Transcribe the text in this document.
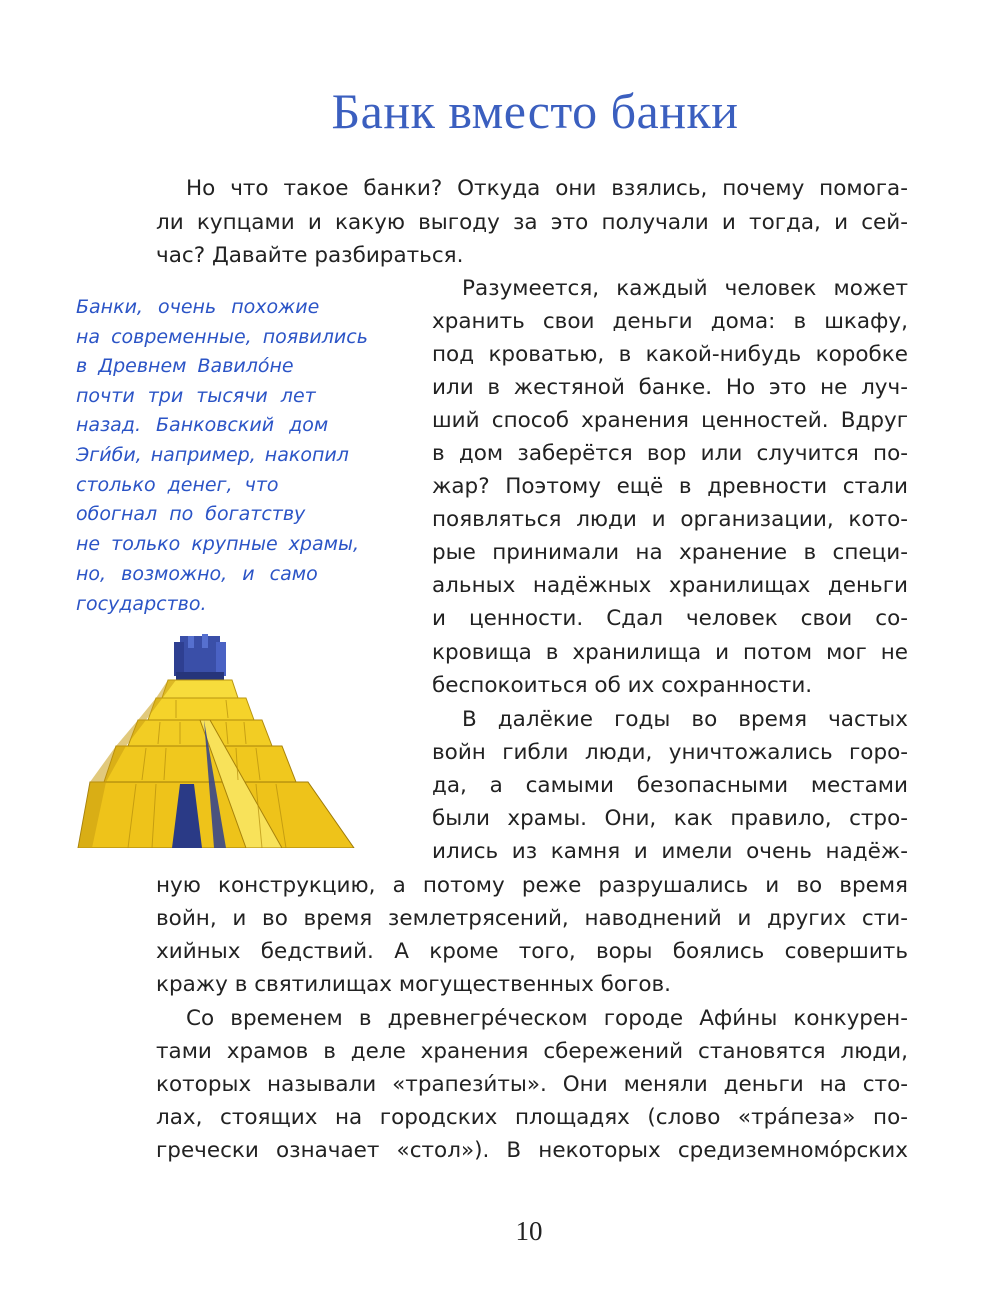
Банк вместо банки
Но что такое банки? Откуда они взялись, почему помога-
ли купцами и какую выгоду за это получали и тогда, и сей-
час? Давайте разбираться.
Разумеется, каждый человек может
хранить свои деньги дома: в шкафу,
под кроватью, в какой-нибудь коробке
или в жестяной банке. Но это не луч-
ший способ хранения ценностей. Вдруг
в дом заберётся вор или случится по-
жар? Поэтому ещё в древности стали
появляться люди и организации, кото-
рые принимали на хранение в специ-
альных надёжных хранилищах деньги
и ценности. Сдал человек свои со-
кровища в хранилища и потом мог не
беспокоиться об их сохранности.
В далёкие годы во время частых
войн гибли люди, уничтожались горо-
да, а самыми безопасными местами
были храмы. Они, как правило, стро-
ились из камня и имели очень надёж-
ную конструкцию, а потому реже разрушались и во время
войн, и во время землетрясений, наводнений и других сти-
хийных бедствий. А кроме того, воры боялись совершить
кражу в святилищах могущественных богов.
Со временем в древнегре́ческом городе Афи́ны конкурен-
тами храмов в деле хранения сбережений становятся люди,
которых называли «трапези́ты». Они меняли деньги на сто-
лах, стоящих на городских площадях (слово «тра́пеза» по-
гречески означает «стол»). В некоторых средиземномо́рских
Банки, очень похожие
на современные, появились
в Древнем Вавило́не
почти три тысячи лет
назад. Банковский дом
Эги́би, например, накопил
столько денег, что
обогнал по богатству
не только крупные храмы,
но, возможно, и само
государство.
10
